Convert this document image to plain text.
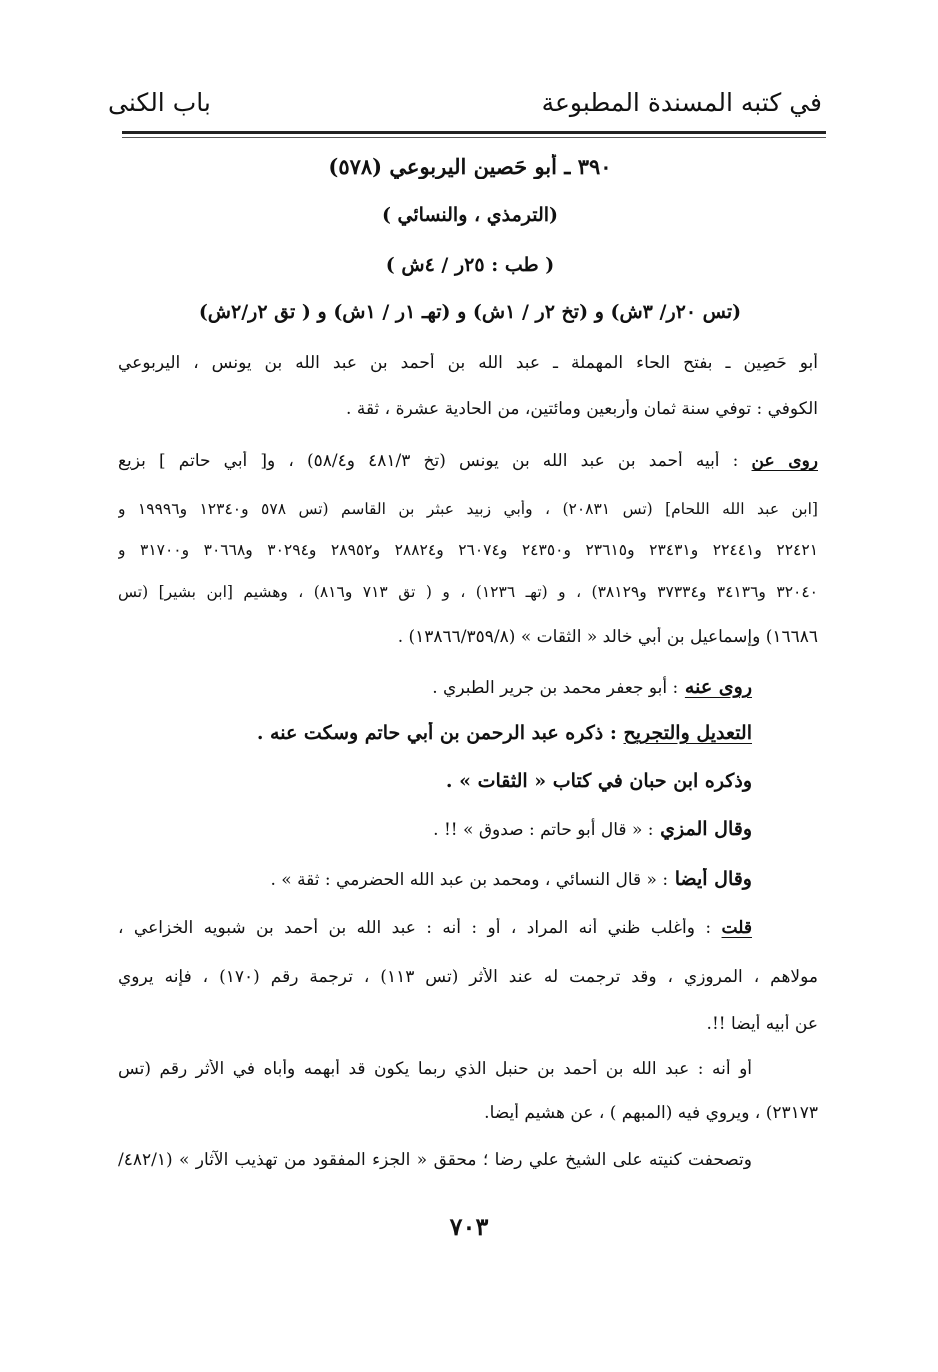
باب الكنى	في كتبه المسندة المطبوعة
٣٩٠ ـ أبو حَصين اليربوعي (٥٧٨)
(الترمذي ، والنسائي )
( طب : ٢٥ر / ٤ش )
(تس ٢٠ر/ ٣ش) و (تخ ٢ر / ١ش) و (تهـ ١ر / ١ش) و ( تق ٢ر/٢ش)
أبو حَصِين ـ بفتح الحاء المهملة ـ عبد الله بن أحمد بن عبد الله بن يونس ، اليربوعي
الكوفي : توفي سنة ثمان وأربعين ومائتين، من الحادية عشرة ، ثقة .
روى عن : أبيه أحمد بن عبد الله بن يونس (تخ ٤٨١/٣ و٥٨/٤) ، و[ أبي حاتم ] بزيع
[ابن عبد الله اللحام] (تس ٢٠٨٣١) ، وأبي زبيد عبثر بن القاسم (تس ٥٧٨ و١٢٣٤٠ و١٩٩٩٦ و
٢٢٤٢١ و٢٢٤٤١ و٢٣٤٣١ و٢٣٦١٥ و٢٤٣٥٠ و٢٦٠٧٤ و٢٨٨٢٤ و٢٨٩٥٢ و٣٠٢٩٤ و٣٠٦٦٨ و٣١٧٠٠ و
٣٢٠٤٠ و٣٤١٣٦ و٣٧٣٣٤ و٣٨١٢٩) ، و (تهـ ١٢٣٦) ، و ( تق ٧١٣ و٨١٦) ، وهشيم [ابن بشير] (تس
١٦٦٨٦) وإسماعيل بن أبي خالد « الثقات » (١٣٨٦٦/٣٥٩/٨) .
روى عنه : أبو جعفر محمد بن جرير الطبري .
التعديل والتجريح : ذكره عبد الرحمن بن أبي حاتم وسكت عنه .
وذكره ابن حبان في كتاب « الثقات » .
وقال المزي : « قال أبو حاتم : صدوق » !! .
وقال أيضا : « قال النسائي ، ومحمد بن عبد الله الحضرمي : ثقة » .
قلت : وأغلب ظني أنه المراد ، أو : أنه : عبد الله بن أحمد بن شبويه الخزاعي ،
مولاهم ، المروزي ، وقد ترجمت له عند الأثر (تس ١١٣) ، ترجمة رقم (١٧٠) ، فإنه يروي
عن أبيه أيضا !!.
أو أنه : عبد الله بن أحمد بن حنبل الذي ربما يكون قد أبهمه وأباه في الأثر رقم (تس
٢٣١٧٣) ، ويروي فيه (المبهم ) ، عن هشيم أيضا.
وتصحفت كنيته على الشيخ علي رضا ؛ محقق « الجزء المفقود من تهذيب الآثار » (٤٨٢/١/
٧٠٣
